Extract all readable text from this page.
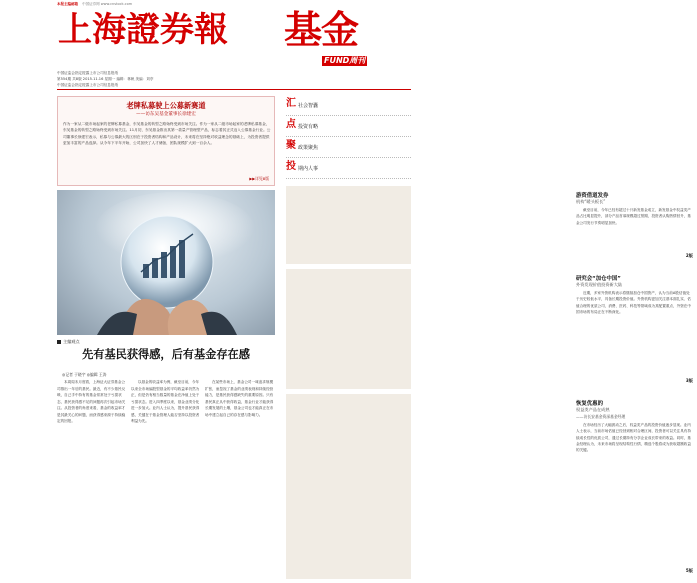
本报主编邮箱 中国证券网 www.cnstock.com
上海證券報 基金
FUND周刊
中国证监会指定披露上市公司信息报纸
第554期 共8版 2015.11.16 星期一 编辑：林帆 美编：刘亭
中国证监会指定披露上市公司信息报纸
老牌私募驶上公募新赛道
——访东吴基金董事长徐建宏
作为一家从二级市场起家的老牌私募基金，东吴基金的转型之路始终受到市场关注。作为一家从二级市场起家的老牌私募基金，东吴基金的转型之路始终受到市场关注。11月初，东吴基金推出其第一款量产管理型产品，标志着其正式迈入公募基金行业。公司董事长徐建宏表示，私募与公募最大的区别在于投资者结构和产品设计，未来将在坚持绝对收益理念的基础上，为投资者提供更加丰富的产品选择。从今年下半年开始，公司加快了人才储备，团队规模扩大到一百余人。
▶▶详见8版
汇 社会智囊
点 投资有略
聚 政策聚焦
投 期内人事
主编观点
先有基民获得感，后有基金存在感
◎记者 于晓宇 ◎编辑 王涛
本周周末月度看，上海证大证券基金公司推出一年后的基民。最近，有不少基民反映，自己手中持有的基金常常处于亏损状态，基民获得感不足的问题再次引起市场关注。从投资者的角度来看，基金的收益率才是其最关心的问题，而获得感来源于持续稳定的回报。
以基金的收益率为例，截至目前，今年以来全市场偏股型基金的平均收益率仍然为正，但是仍有相当数量的基金在净值上处于亏损状态。进入四季度以来，基金业绩分化进一步加大。业内人士认为，提升基民获得感，关键在于基金管理人能否坚持以投资者利益为先。
在某些市场上，基金公司一味追求规模扩张，而忽视了基金的业绩表现和持续经营能力，是基民获得感缺失的重要原因。只有基民真正从中获得收益，基金行业才能获得长期发展的土壤，基金公司也才能真正在市场中建立起自己的存在感与影响力。
游资借道发券
机构“暖头板长”
截至目前，今年已经有超过十只新发基金成立，新发基金中权益类产品占比明显提升，部分产品首募规模超过预期，投资者认购热情回升，基金公司发行节奏明显加快。
2版
研究会“加仓中国”
外资发现价值投资新大陆
近期，多家外资机构表示将继续加仓中国资产，认为当前A股估值处于历史较低水平，具备长期投资价值。外资机构更加关注基本面扎实、估值合理的优质公司，消费、医药、科技等领域成为其配置重点，外资在中国市场的布局正在不断深化。
3版
恢复优惠的
权益类产品在成熟
——访长安基金资深基金经理
在市场经历了大幅波动之后，权益类产品的投资价值逐步显现。业内人士表示，当前市场估值已经回到相对合理区间，投资者可以关注具有持续成长性的优质公司，通过长期持有分享企业成长带来的收益。同时，基金经理认为，未来市场将呈现结构性行情，精选个股将成为获取超额收益的关键。
5版
